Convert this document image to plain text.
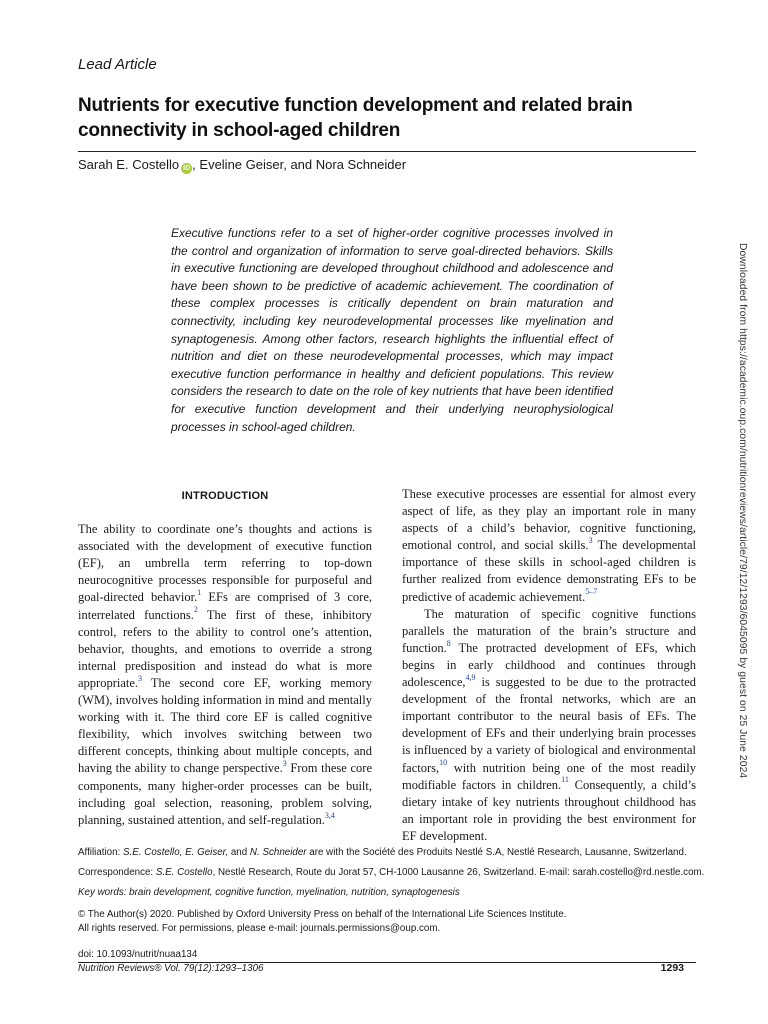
Lead Article
Nutrients for executive function development and related brain connectivity in school-aged children
Sarah E. Costello iD , Eveline Geiser, and Nora Schneider

Executive functions refer to a set of higher-order cognitive processes involved in the control and organization of information to serve goal-directed behaviors. Skills in executive functioning are developed throughout childhood and adolescence and have been shown to be predictive of academic achievement. The coordination of these complex processes is critically dependent on brain maturation and connectivity, including key neurodevelopmental processes like myelination and synaptogenesis. Among other factors, research highlights the influential effect of nutrition and diet on these neurodevelopmental processes, which may impact executive function performance in healthy and deficient populations. This review considers the research to date on the role of key nutrients that have been identified for executive function development and their underlying neurophysiological processes in school-aged children.

INTRODUCTION

The ability to coordinate one’s thoughts and actions is associated with the development of executive function (EF), an umbrella term referring to top-down neurocognitive processes responsible for purposeful and goal-directed behavior.$^1$ EFs are comprised of 3 core, interrelated functions.$^2$ The first of these, inhibitory control, refers to the ability to control one’s attention, behavior, thoughts, and emotions to override a strong internal predisposition and instead do what is more appropriate.$^3$ The second core EF, working memory (WM), involves holding information in mind and mentally working with it. The third core EF is called cognitive flexibility, which involves switching between two different concepts, thinking about multiple concepts, and having the ability to change perspective.$^3$ From these core components, many higher-order processes can be built, including goal selection, reasoning, problem solving, planning, sustained attention, and self-regulation.$^{3,4}$

These executive processes are essential for almost every aspect of life, as they play an important role in many aspects of a child’s behavior, cognitive functioning, emotional control, and social skills.$^3$ The developmental importance of these skills in school-aged children is further realized from evidence demonstrating EFs to be predictive of academic achievement.$^{5-7}$

The maturation of specific cognitive functions parallels the maturation of the brain’s structure and function.$^8$ The protracted development of EFs, which begins in early childhood and continues through adolescence,$^{4,9}$ is suggested to be due to the protracted development of the frontal networks, which are an important contributor to the neural basis of EFs. The development of EFs and their underlying brain processes is influenced by a variety of biological and environmental factors,$^{10}$ with nutrition being one of the most readily modifiable factors in children.$^{11}$ Consequently, a child’s dietary intake of key nutrients throughout childhood has an important role in providing the best environment for EF development.

Affiliation: S.E. Costello, E. Geiser, and N. Schneider are with the Société des Produits Nestlé S.A, Nestlé Research, Lausanne, Switzerland.
Correspondence: S.E. Costello, Nestlé Research, Route du Jorat 57, CH-1000 Lausanne 26, Switzerland. E-mail: sarah.costello@rd.nestle.com.
Key words: brain development, cognitive function, myelination, nutrition, synaptogenesis
© The Author(s) 2020. Published by Oxford University Press on behalf of the International Life Sciences Institute.
All rights reserved. For permissions, please e-mail: journals.permissions@oup.com.
doi: 10.1093/nutrit/nuaa134
Nutrition Reviews® Vol. 79(12):1293–1306	1293
Downloaded from https://academic.oup.com/nutritionreviews/article/79/12/1293/6045095 by guest on 25 June 2024
